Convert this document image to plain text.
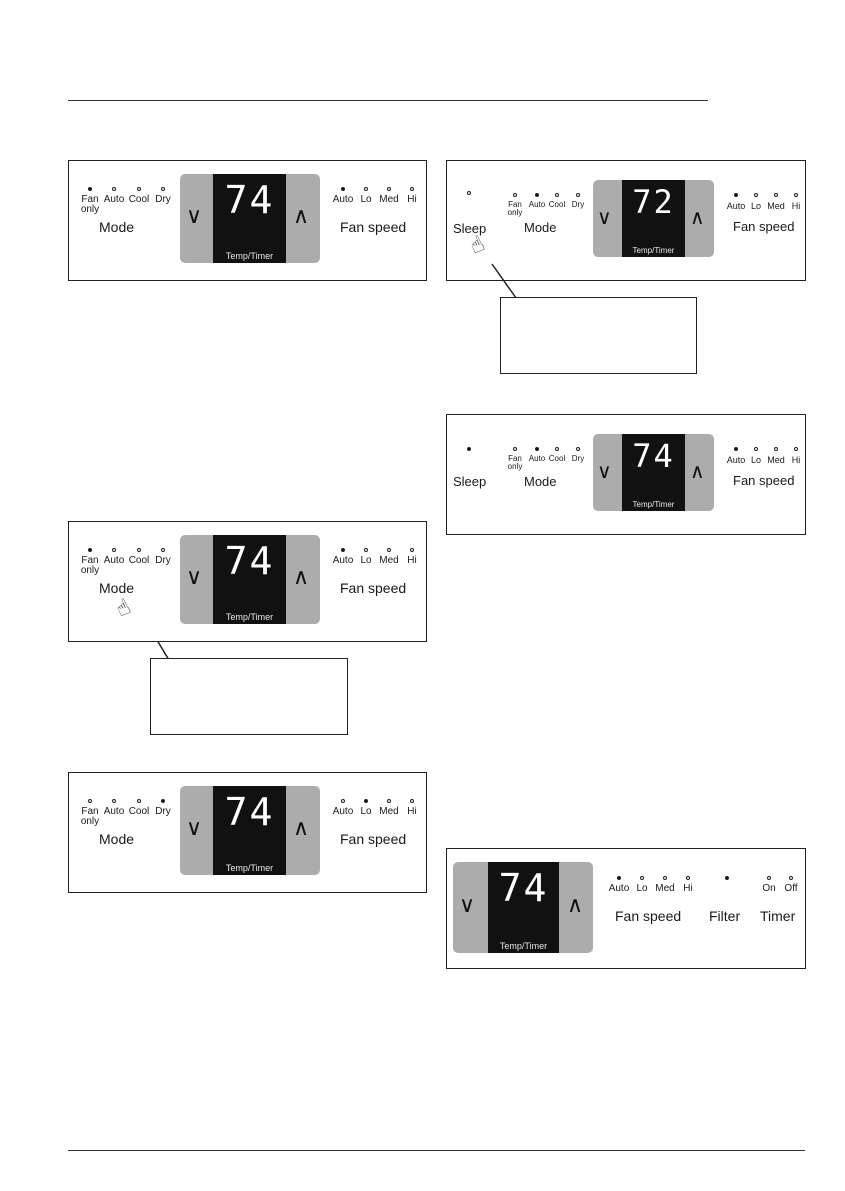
Fan
only
Auto Cool Dry
Mode ∨ 74
Temp/Timer
∧
Auto Lo Med Hi
Fan speed	Sleep
☝
Fan
only
Auto Cool Dry
Mode ∨ 72
Temp/Timer
∧ Auto Lo Med Hi
Fan speed
Sleep
Fan
only
Auto Cool Dry
Mode ∨ 74
Temp/Timer
∧ Auto Lo Med Hi
Fan speed
Fan
only
Auto Cool Dry
Mode
☝
∨ 74
Temp/Timer
∧
Auto Lo Med Hi
Fan speed
Fan
only
Auto Cool Dry
Mode ∨ 74
Temp/Timer
∧
Auto Lo Med Hi
Fan speed
∨ 74
Temp/Timer
∧
Auto Lo Med Hi
Fan speed Filter
On Off
Timer
